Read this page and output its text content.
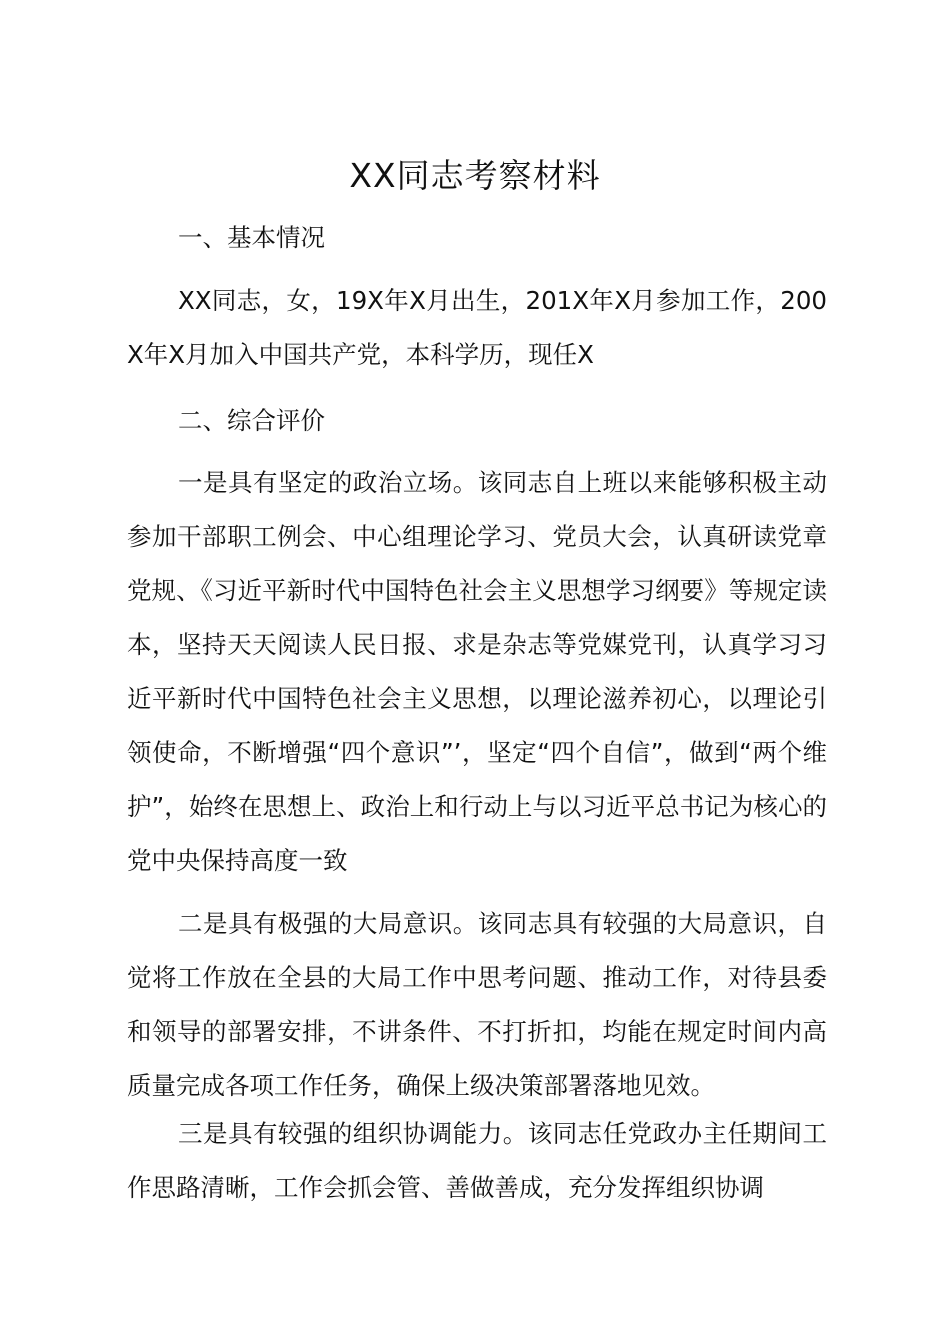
XX同志考察材料

一、基本情况

XX同志，女，19X年X月出生，201X年X月参加工作，200X年X月加入中国共产党，本科学历，现任X

二、综合评价

一是具有坚定的政治立场。该同志自上班以来能够积极主动参加干部职工例会、中心组理论学习、党员大会，认真研读党章党规、《习近平新时代中国特色社会主义思想学习纲要》等规定读本，坚持天天阅读人民日报、求是杂志等党媒党刊，认真学习习近平新时代中国特色社会主义思想，以理论滋养初心，以理论引领使命，不断增强“四个意识”’，坚定“四个自信”，做到“两个维护”，始终在思想上、政治上和行动上与以习近平总书记为核心的党中央保持高度一致

二是具有极强的大局意识。该同志具有较强的大局意识，自觉将工作放在全县的大局工作中思考问题、推动工作，对待县委和领导的部署安排，不讲条件、不打折扣，均能在规定时间内高质量完成各项工作任务，确保上级决策部署落地见效。

三是具有较强的组织协调能力。该同志任党政办主任期间工作思路清晰，工作会抓会管、善做善成，充分发挥组织协调
